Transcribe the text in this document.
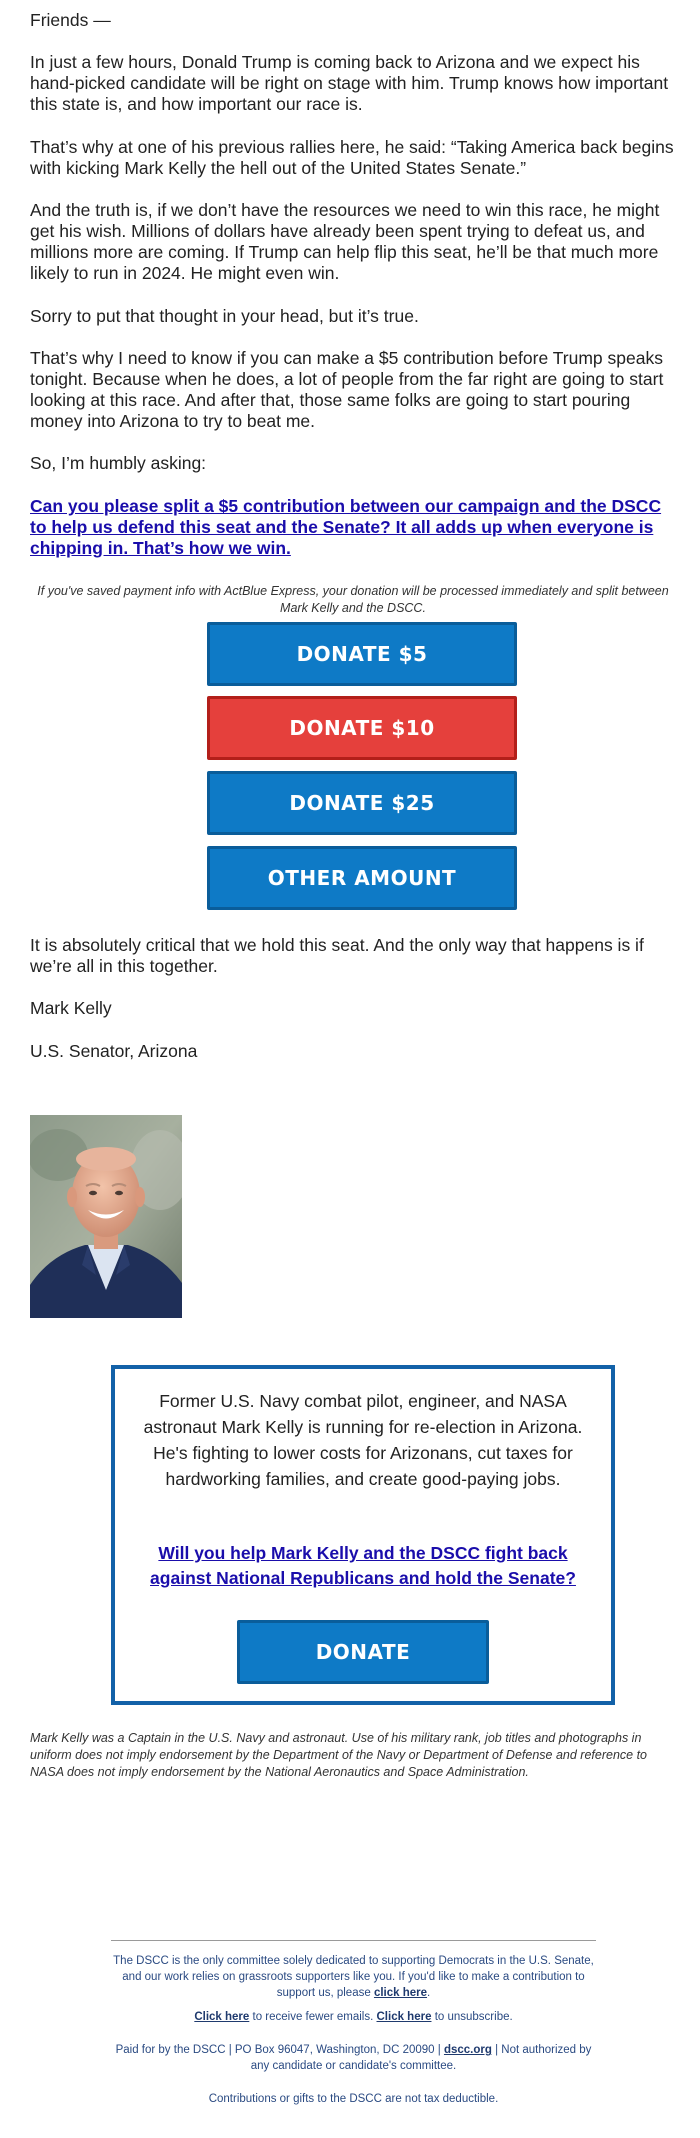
Friends —

In just a few hours, Donald Trump is coming back to Arizona and we expect his hand-picked candidate will be right on stage with him. Trump knows how important this state is, and how important our race is.

That’s why at one of his previous rallies here, he said: “Taking America back begins with kicking Mark Kelly the hell out of the United States Senate.”

And the truth is, if we don’t have the resources we need to win this race, he might get his wish. Millions of dollars have already been spent trying to defeat us, and millions more are coming. If Trump can help flip this seat, he’ll be that much more likely to run in 2024. He might even win.

Sorry to put that thought in your head, but it’s true.

That’s why I need to know if you can make a $5 contribution before Trump speaks tonight. Because when he does, a lot of people from the far right are going to start looking at this race. And after that, those same folks are going to start pouring money into Arizona to try to beat me.

So, I’m humbly asking:

Can you please split a $5 contribution between our campaign and the DSCC to help us defend this seat and the Senate? It all adds up when everyone is chipping in. That’s how we win.

If you've saved payment info with ActBlue Express, your donation will be processed immediately and split between Mark Kelly and the DSCC.
DONATE $5
DONATE $10
DONATE $25
OTHER AMOUNT

It is absolutely critical that we hold this seat. And the only way that happens is if we’re all in this together.

Mark Kelly

U.S. Senator, Arizona

Former U.S. Navy combat pilot, engineer, and NASA astronaut Mark Kelly is running for re-election in Arizona. He's fighting to lower costs for Arizonans, cut taxes for hardworking families, and create good-paying jobs.
Will you help Mark Kelly and the DSCC fight back against National Republicans and hold the Senate?
DONATE
Mark Kelly was a Captain in the U.S. Navy and astronaut. Use of his military rank, job titles and photographs in uniform does not imply endorsement by the Department of the Navy or Department of Defense and reference to NASA does not imply endorsement by the National Aeronautics and Space Administration.
The DSCC is the only committee solely dedicated to supporting Democrats in the U.S. Senate, and our work relies on grassroots supporters like you. If you'd like to make a contribution to support us, please click here.
Click here to receive fewer emails. Click here to unsubscribe.
Paid for by the DSCC | PO Box 96047, Washington, DC 20090 | dscc.org | Not authorized by any candidate or candidate's committee.
Contributions or gifts to the DSCC are not tax deductible.
